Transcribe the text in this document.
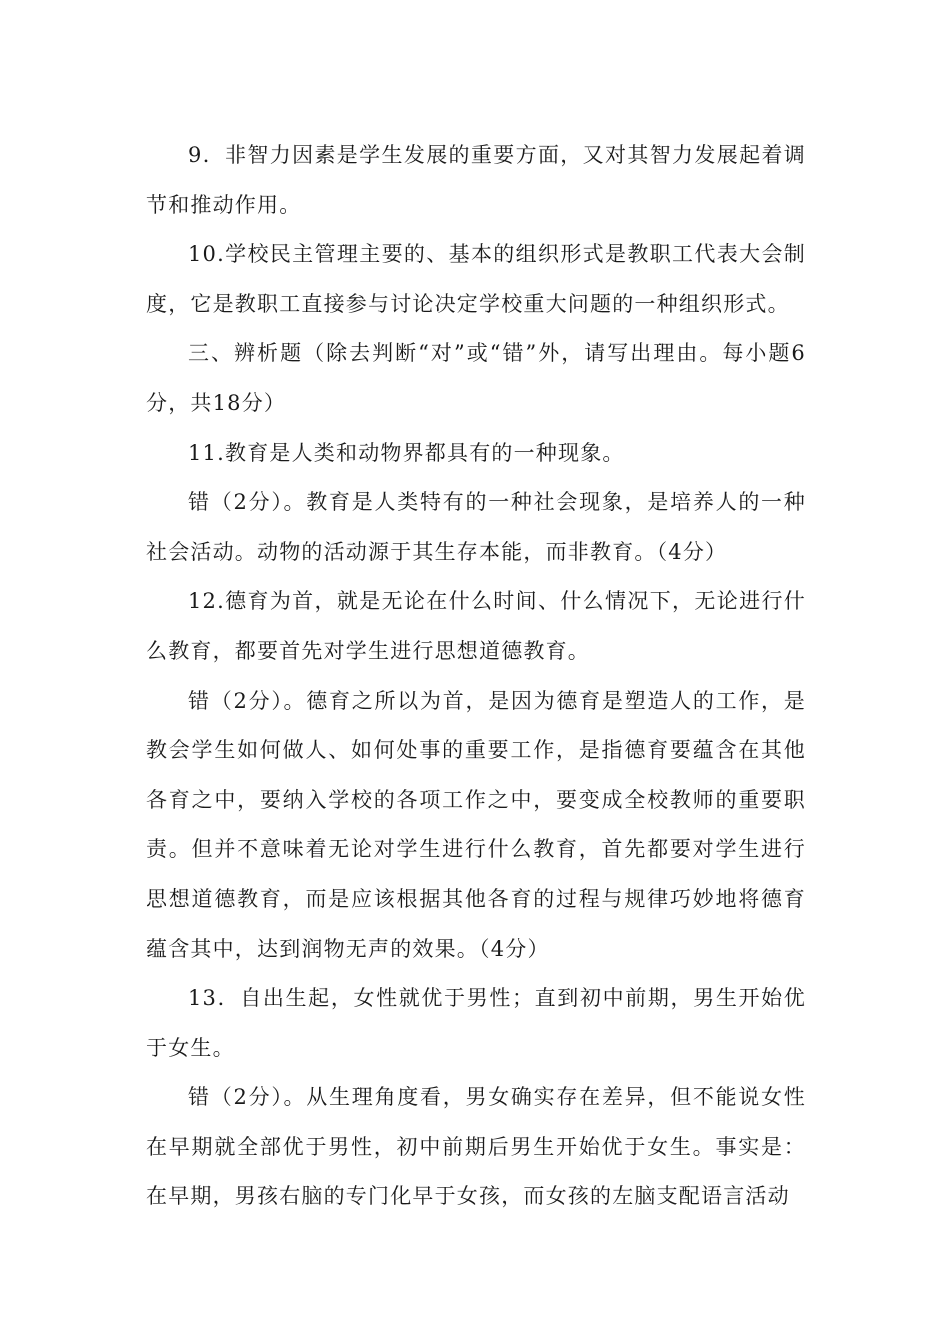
9．非智力因素是学生发展的重要方面，又对其智力发展起着调节和推动作用。

10.学校民主管理主要的、基本的组织形式是教职工代表大会制度，它是教职工直接参与讨论决定学校重大问题的一种组织形式。

三、辨析题（除去判断“对”或“错”外，请写出理由。每小题6分，共18分）

11.教育是人类和动物界都具有的一种现象。

错（2分）。教育是人类特有的一种社会现象，是培养人的一种社会活动。动物的活动源于其生存本能，而非教育。（4分）

12.德育为首，就是无论在什么时间、什么情况下，无论进行什么教育，都要首先对学生进行思想道德教育。

错（2分）。德育之所以为首，是因为德育是塑造人的工作，是教会学生如何做人、如何处事的重要工作，是指德育要蕴含在其他各育之中，要纳入学校的各项工作之中，要变成全校教师的重要职责。但并不意味着无论对学生进行什么教育，首先都要对学生进行思想道德教育，而是应该根据其他各育的过程与规律巧妙地将德育蕴含其中，达到润物无声的效果。（4分）

13．自出生起，女性就优于男性；直到初中前期，男生开始优于女生。

错（2分）。从生理角度看，男女确实存在差异，但不能说女性在早期就全部优于男性，初中前期后男生开始优于女生。事实是：在早期，男孩右脑的专门化早于女孩，而女孩的左脑支配语言活动
